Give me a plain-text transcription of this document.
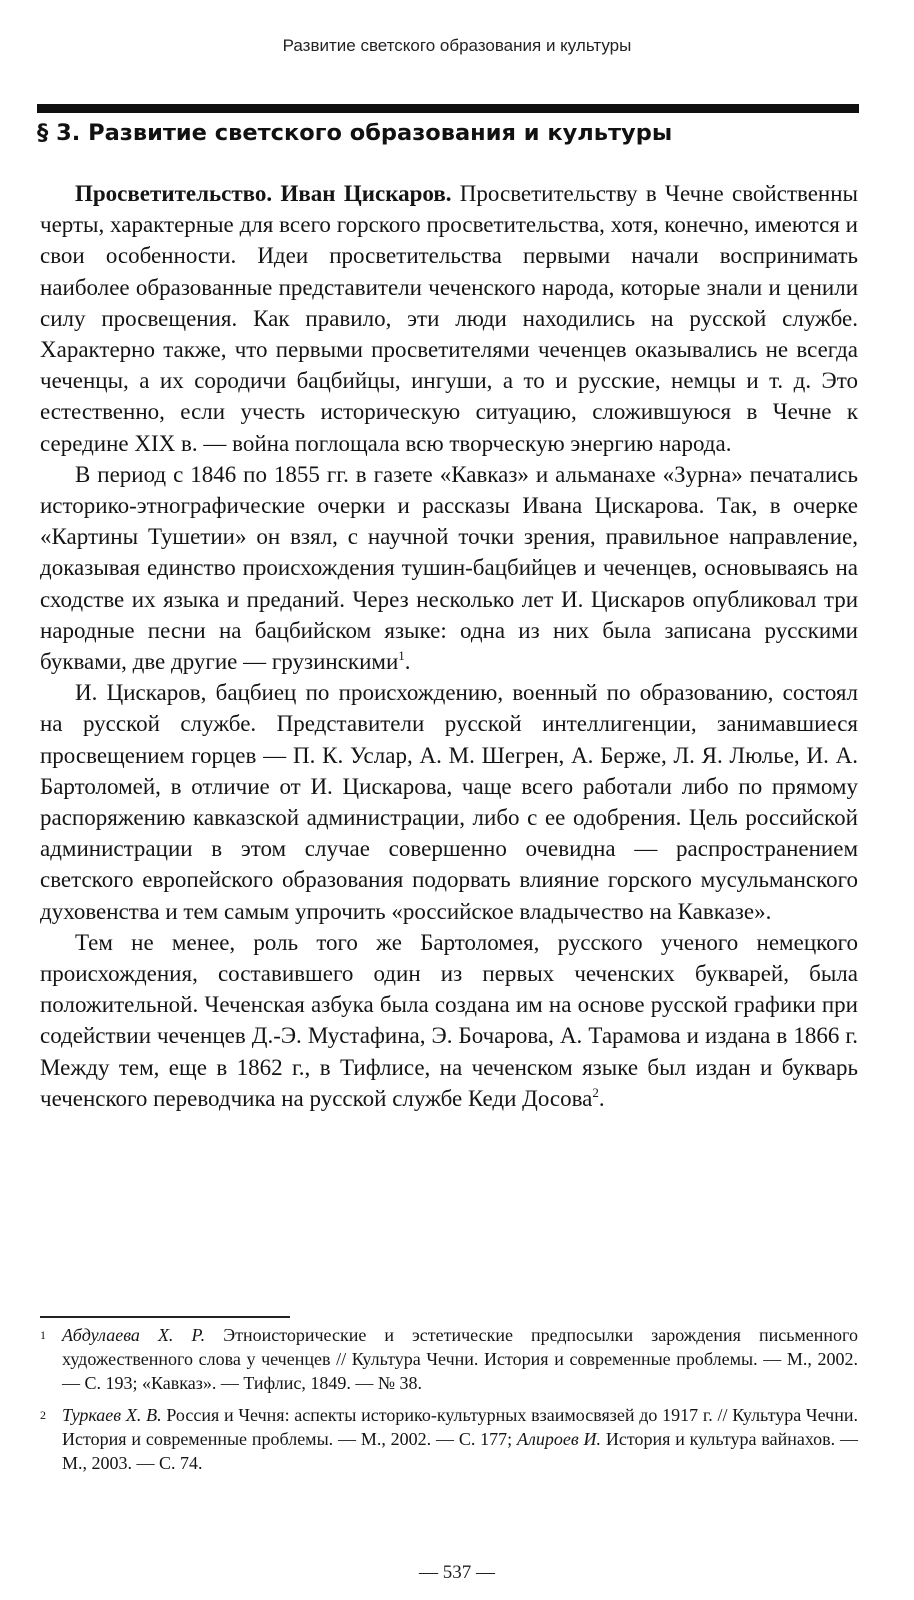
Развитие светского образования и культуры
§ 3. Развитие светского образования и культуры

Просветительство. Иван Цискаров. Просветительству в Чечне свойственны черты, характерные для всего горского просветительства, хотя, конечно, имеются и свои особенности. Идеи просветительства первыми начали воспринимать наиболее образованные представители чеченского народа, которые знали и ценили силу просвещения. Как правило, эти люди находились на русской службе. Характерно также, что первыми просветителями чеченцев оказывались не всегда чеченцы, а их сородичи бацбийцы, ингуши, а то и русские, немцы и т. д. Это естественно, если учесть историческую ситуацию, сложившуюся в Чечне к середине XIX в. — война поглощала всю творческую энергию народа.

В период с 1846 по 1855 гг. в газете «Кавказ» и альманахе «Зурна» печатались историко-этнографические очерки и рассказы Ивана Цискарова. Так, в очерке «Картины Тушетии» он взял, с научной точки зрения, правильное направление, доказывая единство происхождения тушин-бацбийцев и чеченцев, основываясь на сходстве их языка и преданий. Через несколько лет И. Цискаров опубликовал три народные песни на бацбийском языке: одна из них была записана русскими буквами, две другие — грузинскими$^1$.

И. Цискаров, бацбиец по происхождению, военный по образованию, состоял на русской службе. Представители русской интеллигенции, занимавшиеся просвещением горцев — П. К. Услар, А. М. Шегрен, А. Берже, Л. Я. Люлье, И. А. Бартоломей, в отличие от И. Цискарова, чаще всего работали либо по прямому распоряжению кавказской администрации, либо с ее одобрения. Цель российской администрации в этом случае совершенно очевидна — распространением светского европейского образования подорвать влияние горского мусульманского духовенства и тем самым упрочить «российское владычество на Кавказе».

Тем не менее, роль того же Бартоломея, русского ученого немецкого происхождения, составившего один из первых чеченских букварей, была положительной. Чеченская азбука была создана им на основе русской графики при содействии чеченцев Д.-Э. Мустафина, Э. Бочарова, А. Тарамова и издана в 1866 г. Между тем, еще в 1862 г., в Тифлисе, на чеченском языке был издан и букварь чеченского переводчика на русской службе Кеди Досова$^2$.

1 Абдулаева Х. Р. Этноисторические и эстетические предпосылки зарождения письменного художественного слова у чеченцев // Культура Чечни. История и современные проблемы. — М., 2002. — С. 193; «Кавказ». — Тифлис, 1849. — № 38.
2 Туркаев Х. В. Россия и Чечня: аспекты историко-культурных взаимосвязей до 1917 г. // Культура Чечни. История и современные проблемы. — М., 2002. — С. 177; Алироев И. История и культура вайнахов. — М., 2003. — С. 74.
— 537 —
